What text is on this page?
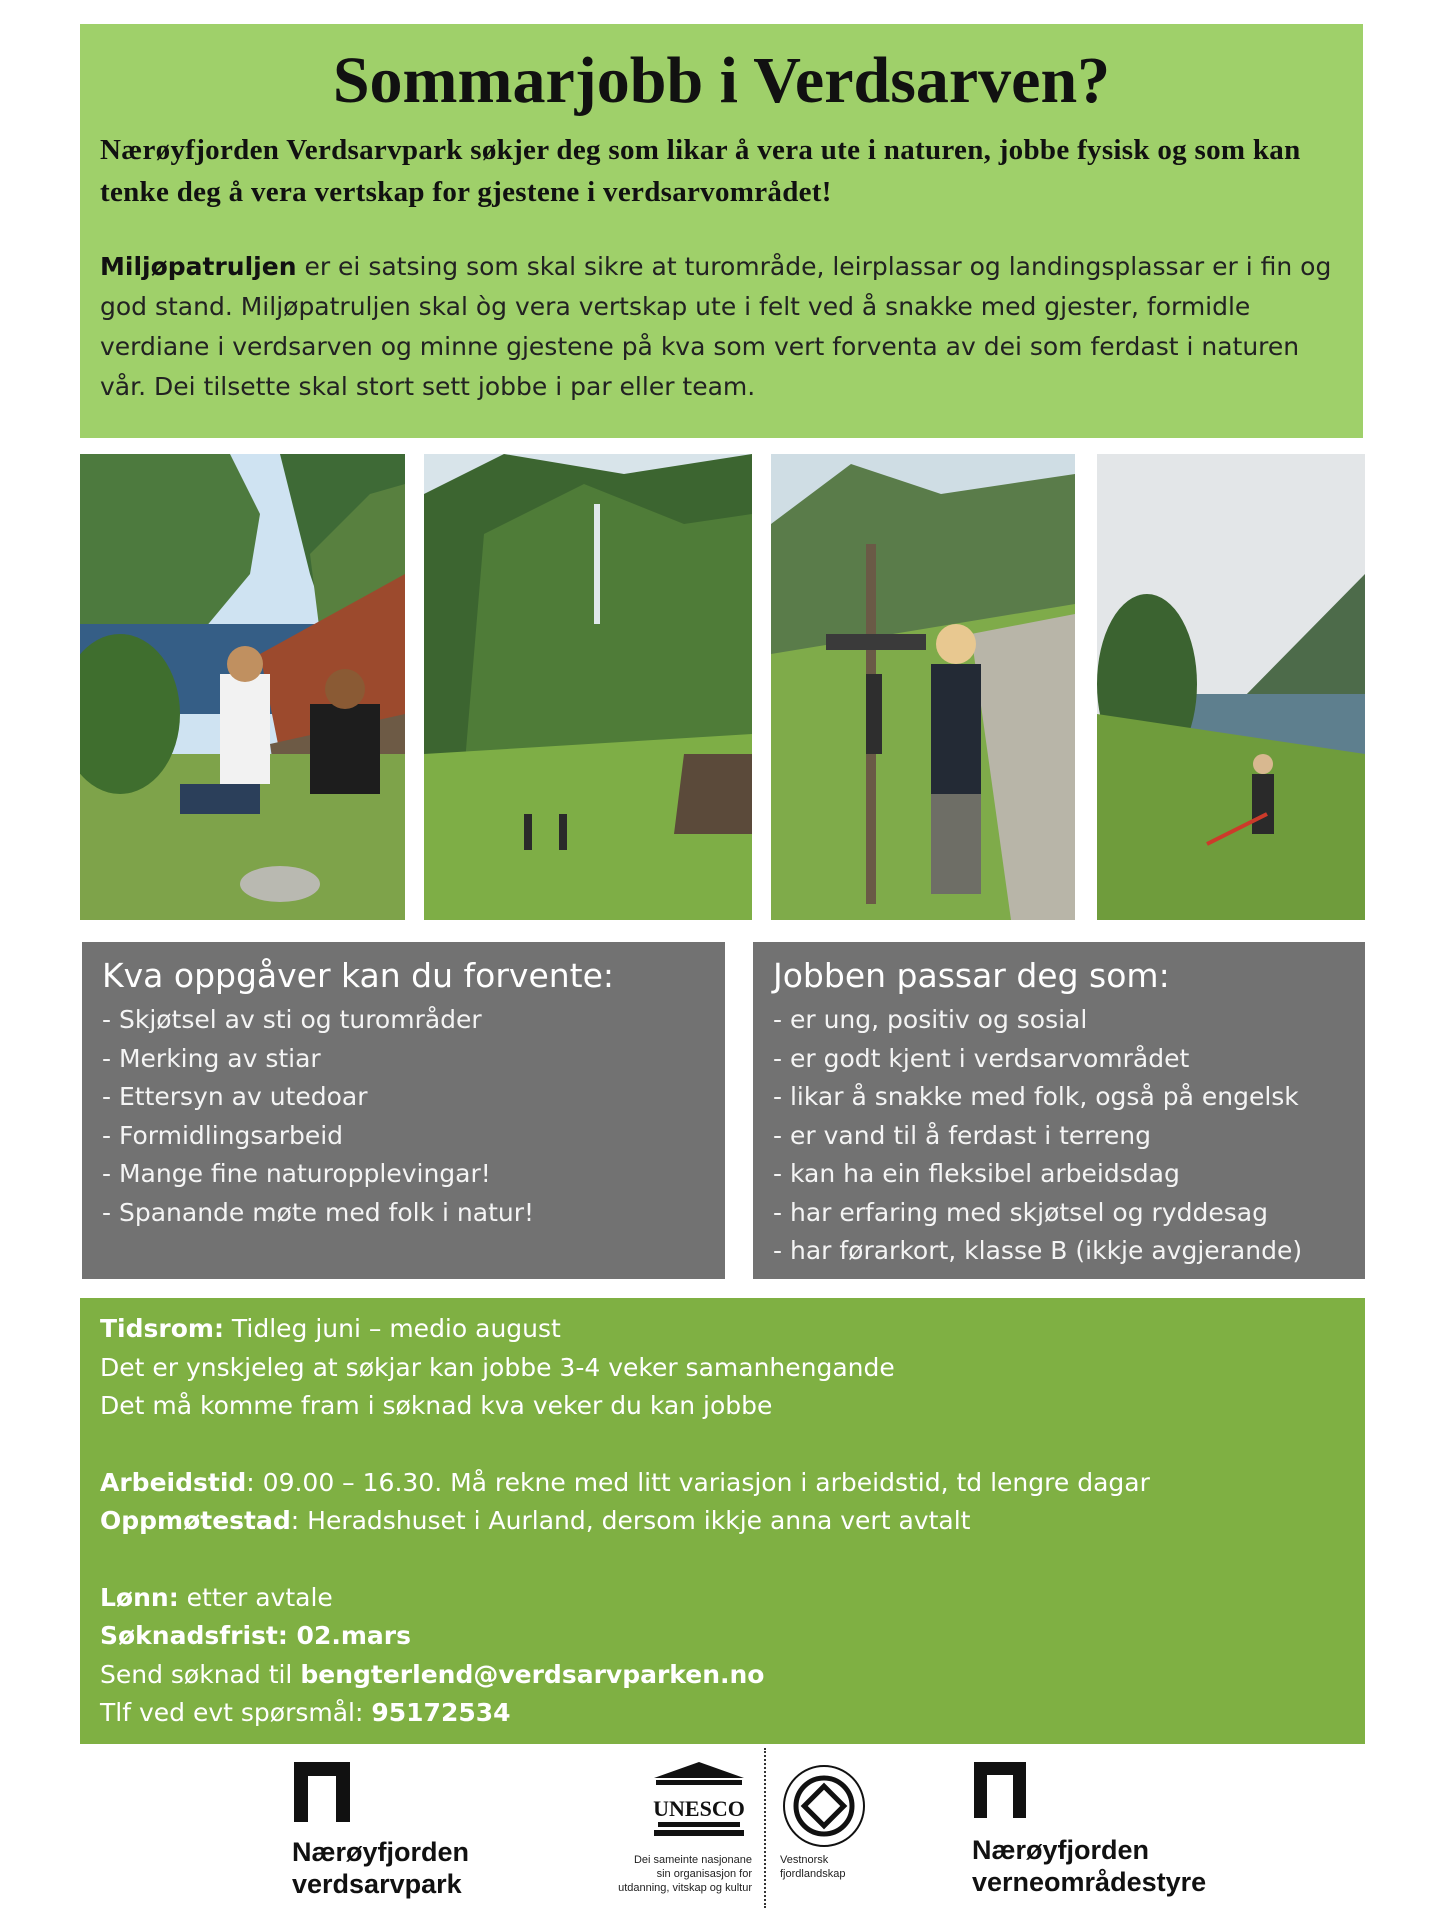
Sommarjobb i Verdsarven?

Nærøyfjorden Verdsarvpark søkjer deg som likar å vera ute i naturen, jobbe fysisk og som kan tenke deg å vera vertskap for gjestene i verdsarvområdet!

Miljøpatruljen er ei satsing som skal sikre at turområde, leirplassar og landingsplassar er i fin og god stand. Miljøpatruljen skal òg vera vertskap ute i felt ved å snakke med gjester, formidle verdiane i verdsarven og minne gjestene på kva som vert forventa av dei som ferdast i naturen vår. Dei tilsette skal stort sett jobbe i par eller team.

Kva oppgåver kan du forvente:
- Skjøtsel av sti og turområder
- Merking av stiar
- Ettersyn av utedoar
- Formidlingsarbeid
- Mange fine naturopplevingar!
- Spanande møte med folk i natur!
Jobben passar deg som:
- er ung, positiv og sosial
- er godt kjent i verdsarvområdet
- likar å snakke med folk, også på engelsk
- er vand til å ferdast i terreng
- kan ha ein fleksibel arbeidsdag
- har erfaring med skjøtsel og ryddesag
- har førarkort, klasse B (ikkje avgjerande)

Tidsrom: Tidleg juni – medio august

Det er ynskjeleg at søkjar kan jobbe 3-4 veker samanhengande

Det må komme fram i søknad kva veker du kan jobbe

Arbeidstid: 09.00 – 16.30. Må rekne med litt variasjon i arbeidstid, td lengre dagar

Oppmøtestad: Heradshuset i Aurland, dersom ikkje anna vert avtalt

Lønn: etter avtale

Søknadsfrist: 02.mars

Send søknad til bengterlend@verdsarvparken.no

Tlf ved evt spørsmål: 95172534

Nærøyfjorden
verdsarvpark
UNESCO
Dei sameinte nasjonane
sin organisasjon for
utdanning, vitskap og kultur
Vestnorsk
fjordlandskap
Nærøyfjorden
verneområdestyre
